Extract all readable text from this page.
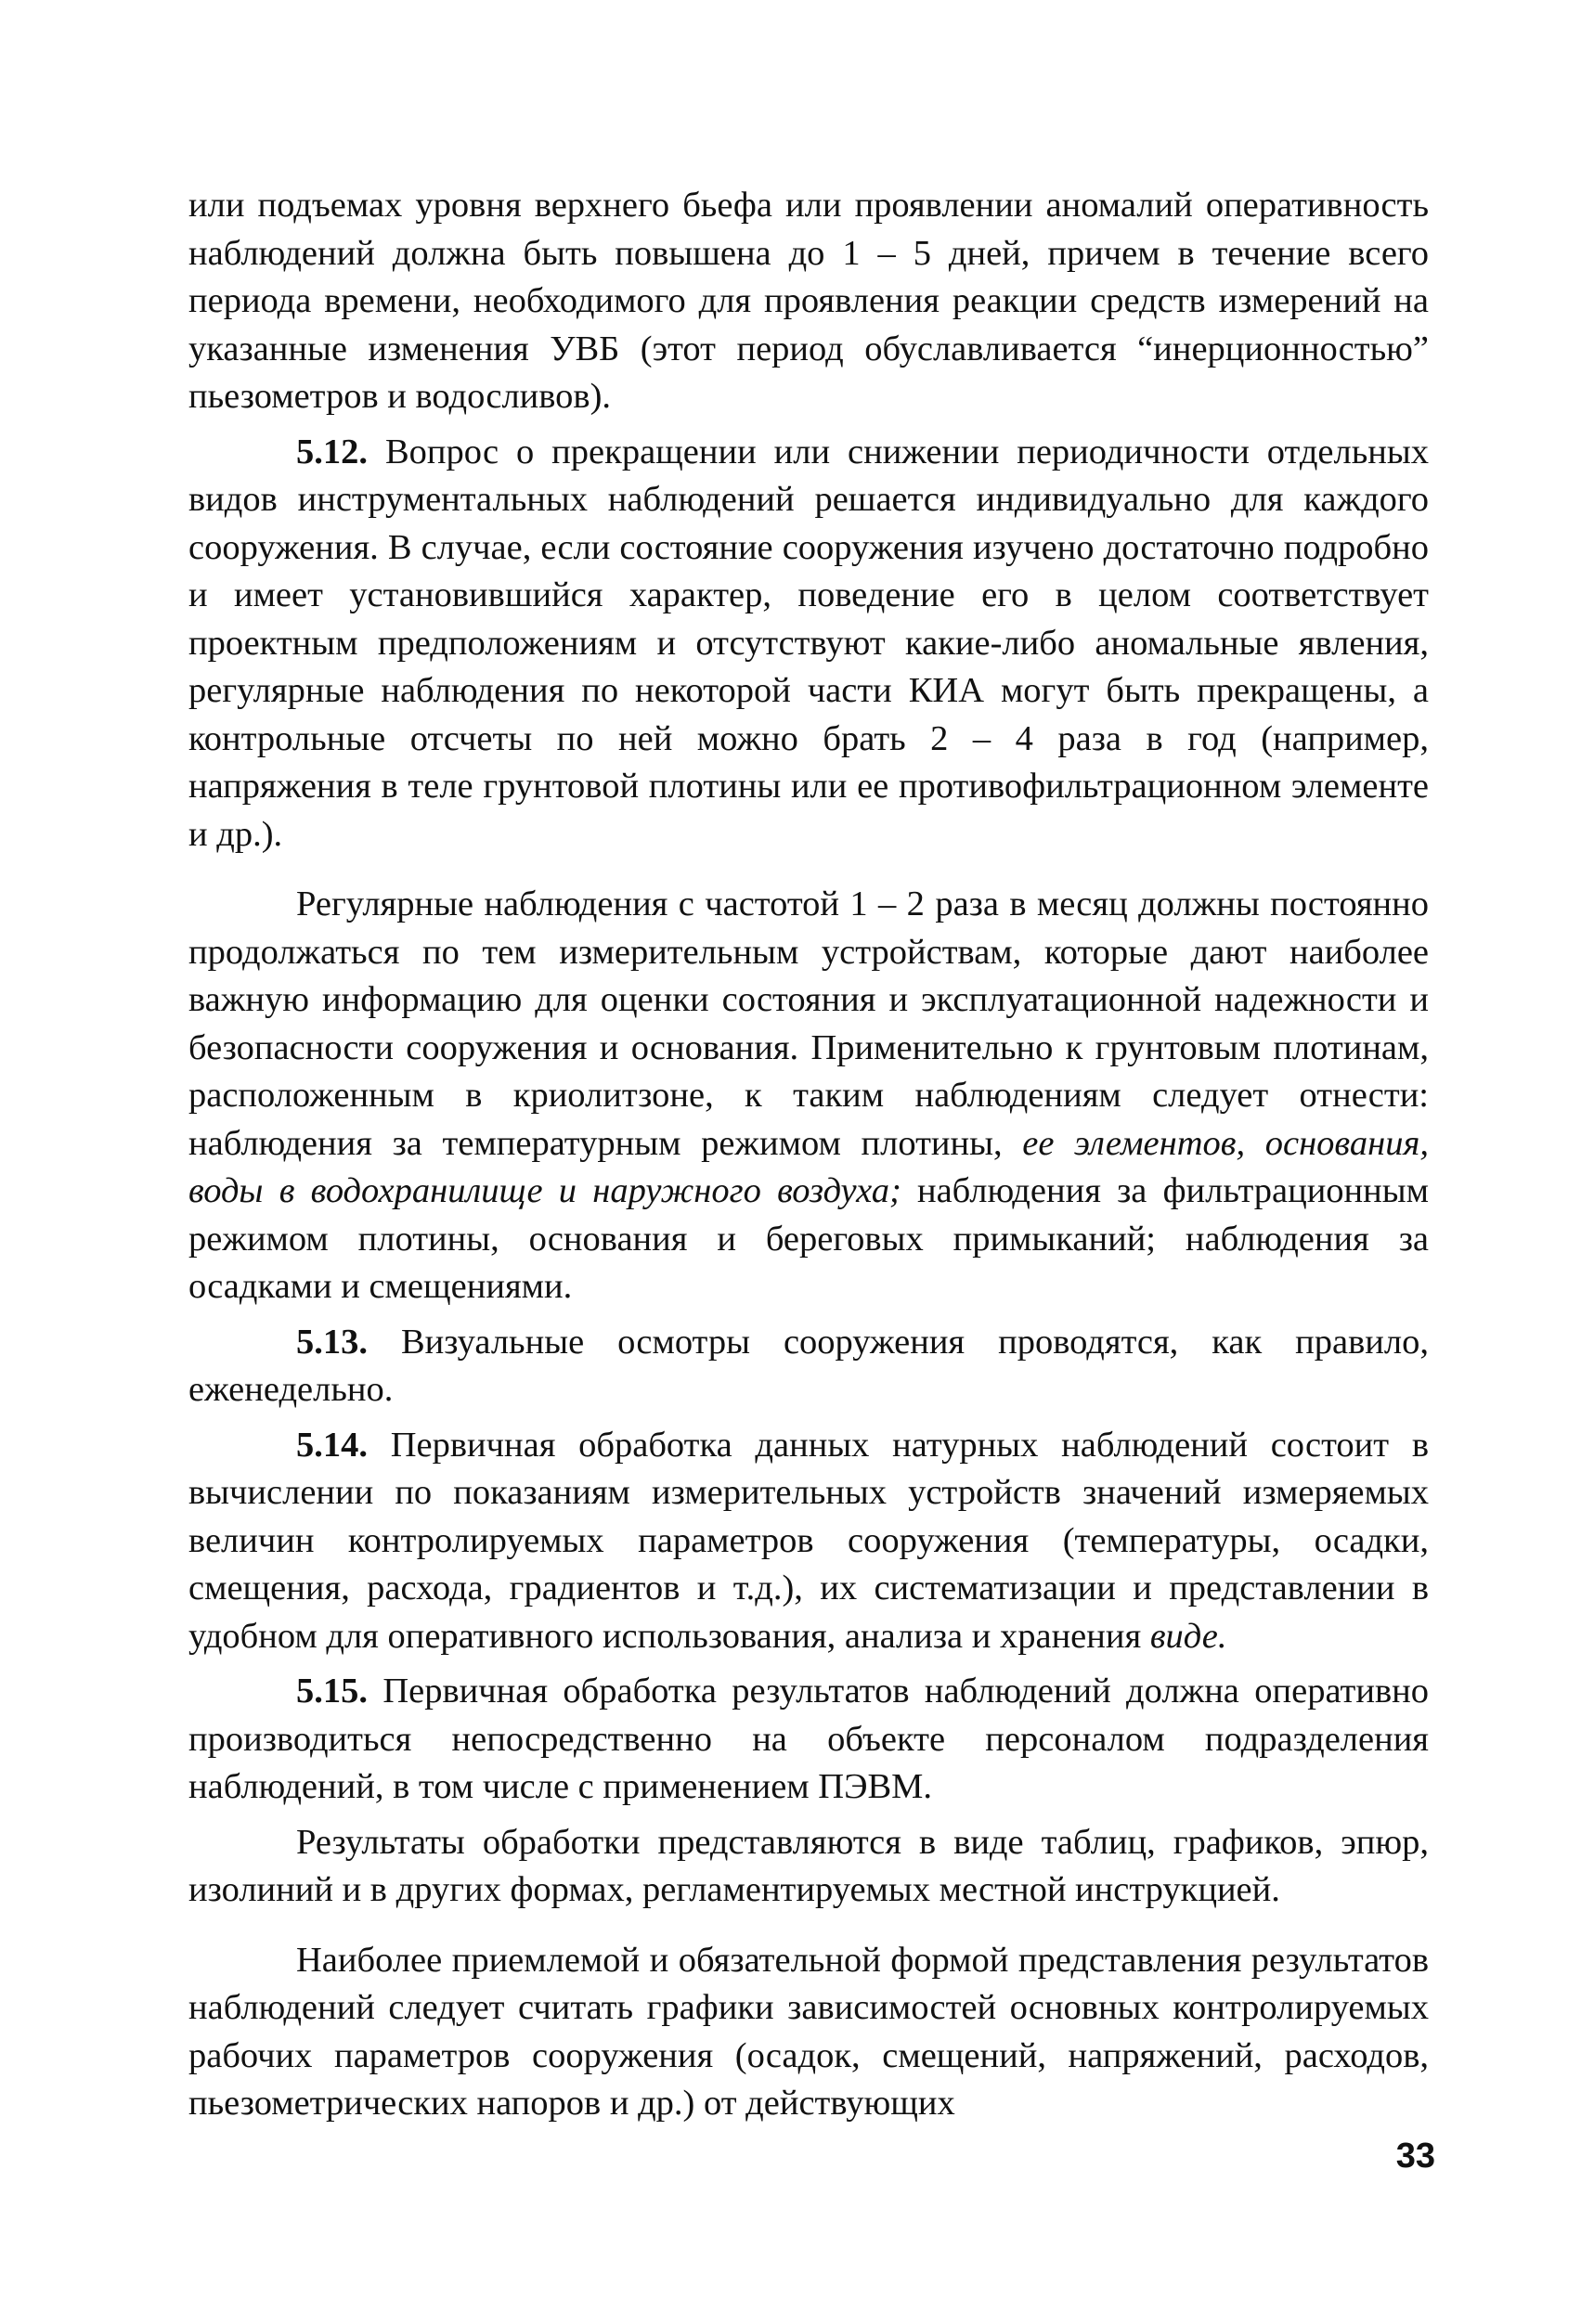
или подъемах уровня верхнего бьефа или проявлении аномалий оперативность наблюдений должна быть повышена до 1 – 5 дней, причем в течение всего периода времени, необходимого для проявления реакции средств измерений на указанные изменения УВБ (этот период обуславливается “инерционностью” пьезометров и водосливов).

5.12. Вопрос о прекращении или снижении периодичности отдельных видов инструментальных наблюдений решается индивидуально для каждого сооружения. В случае, если состояние сооружения изучено достаточно подробно и имеет установившийся характер, поведение его в целом соответствует проектным предположениям и отсутствуют какие-либо аномальные явления, регулярные наблюдения по некоторой части КИА могут быть прекращены, а контрольные отсчеты по ней можно брать 2 – 4 раза в год (например, напряжения в теле грунтовой плотины или ее противофильтрационном элементе и др.).

Регулярные наблюдения с частотой 1 – 2 раза в месяц должны постоянно продолжаться по тем измерительным устройствам, которые дают наиболее важную информацию для оценки состояния и эксплуатационной надежности и безопасности сооружения и основания. Применительно к грунтовым плотинам, расположенным в криолитзоне, к таким наблюдениям следует отнести: наблюдения за температурным режимом плотины, ее элементов, основания, воды в водохранилище и наружного воздуха; наблюдения за фильтрационным режимом плотины, основания и береговых примыканий; наблюдения за осадками и смещениями.

5.13. Визуальные осмотры сооружения проводятся, как правило, еженедельно.

5.14. Первичная обработка данных натурных наблюдений состоит в вычислении по показаниям измерительных устройств значений измеряемых величин контролируемых параметров сооружения (температуры, осадки, смещения, расхода, градиентов и т.д.), их систематизации и представлении в удобном для оперативного использования, анализа и хранения виде.

5.15. Первичная обработка результатов наблюдений должна оперативно производиться непосредственно на объекте персоналом подразделения наблюдений, в том числе с применением ПЭВМ.

Результаты обработки представляются в виде таблиц, графиков, эпюр, изолиний и в других формах, регламентируемых местной инструкцией.

Наиболее приемлемой и обязательной формой представления результатов наблюдений следует считать графики зависимостей основных контролируемых рабочих параметров сооружения (осадок, смещений, напряжений, расходов, пьезометрических напоров и др.) от действующих

33
